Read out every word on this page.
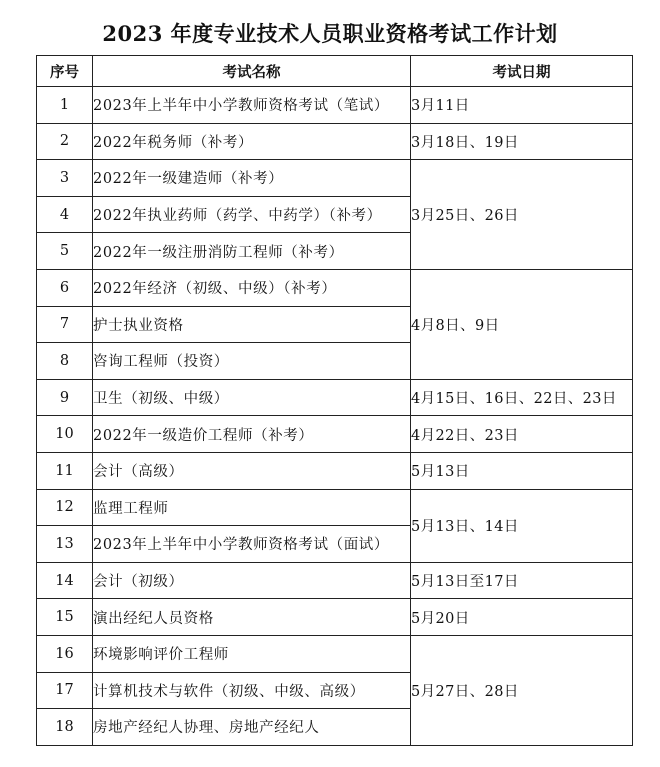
2023 年度专业技术人员职业资格考试工作计划
序号	考试名称	考试日期
1	2023年上半年中小学教师资格考试（笔试）	3月11日
2	2022年税务师（补考）	3月18日、19日
3	2022年一级建造师（补考）	3月25日、26日
4	2022年执业药师（药学、中药学）（补考）	
5	2022年一级注册消防工程师（补考）	
6	2022年经济（初级、中级）（补考）	4月8日、9日
7	护士执业资格	
8	咨询工程师（投资）	
9	卫生（初级、中级）	4月15日、16日、22日、23日
10	2022年一级造价工程师（补考）	4月22日、23日
11	会计（高级）	5月13日
12	监理工程师	5月13日、14日
13	2023年上半年中小学教师资格考试（面试）	
14	会计（初级）	5月13日至17日
15	演出经纪人员资格	5月20日
16	环境影响评价工程师	5月27日、28日
17	计算机技术与软件（初级、中级、高级）	
18	房地产经纪人协理、房地产经纪人	
